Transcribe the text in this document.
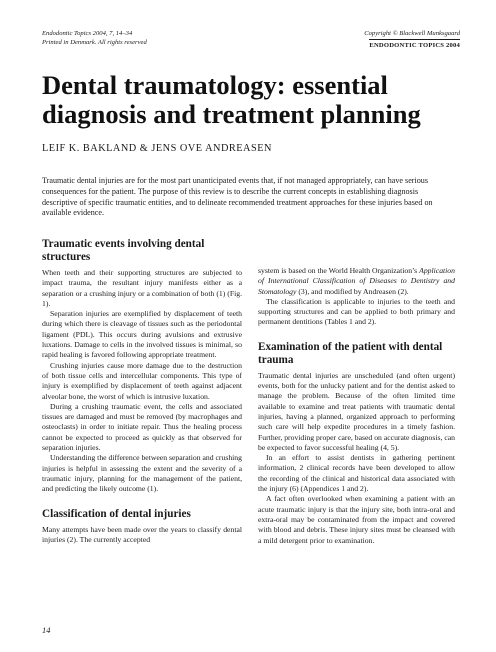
Endodontic Topics 2004, 7, 14–34
Printed in Denmark. All rights reserved
Copyright © Blackwell Munksgaard
ENDODONTIC TOPICS 2004
Dental traumatology: essential diagnosis and treatment planning
LEIF K. BAKLAND & JENS OVE ANDREASEN

Traumatic dental injuries are for the most part unanticipated events that, if not managed appropriately, can have serious consequences for the patient. The purpose of this review is to describe the current concepts in establishing diagnosis descriptive of specific traumatic entities, and to delineate recommended treatment approaches for these injuries based on available evidence.

Traumatic events involving dental structures

When teeth and their supporting structures are subjected to impact trauma, the resultant injury manifests either as a separation or a crushing injury or a combination of both (1) (Fig. 1).

Separation injuries are exemplified by displacement of teeth during which there is cleavage of tissues such as the periodontal ligament (PDL). This occurs during avulsions and extrusive luxations. Damage to cells in the involved tissues is minimal, so rapid healing is favored following appropriate treatment.

Crushing injuries cause more damage due to the destruction of both tissue cells and intercellular components. This type of injury is exemplified by displacement of teeth against adjacent alveolar bone, the worst of which is intrusive luxation.

During a crushing traumatic event, the cells and associated tissues are damaged and must be removed (by macrophages and osteoclasts) in order to initiate repair. Thus the healing process cannot be expected to proceed as quickly as that observed for separation injuries.

Understanding the difference between separation and crushing injuries is helpful in assessing the extent and the severity of a traumatic injury, planning for the management of the patient, and predicting the likely outcome (1).

Classification of dental injuries

Many attempts have been made over the years to classify dental injuries (2). The currently accepted

system is based on the World Health Organization’s Application of International Classification of Diseases to Dentistry and Stomatology (3), and modified by Andreasen (2).

The classification is applicable to injuries to the teeth and supporting structures and can be applied to both primary and permanent dentitions (Tables 1 and 2).

Examination of the patient with dental trauma

Traumatic dental injuries are unscheduled (and often urgent) events, both for the unlucky patient and for the dentist asked to manage the problem. Because of the often limited time available to examine and treat patients with traumatic dental injuries, having a planned, organized approach to performing such care will help expedite procedures in a timely fashion. Further, providing proper care, based on accurate diagnosis, can be expected to favor successful healing (4, 5).

In an effort to assist dentists in gathering pertinent information, 2 clinical records have been developed to allow the recording of the clinical and historical data associated with the injury (6) (Appendices 1 and 2).

A fact often overlooked when examining a patient with an acute traumatic injury is that the injury site, both intra-oral and extra-oral may be contaminated from the impact and covered with blood and debris. These injury sites must be cleansed with a mild detergent prior to examination.

14
